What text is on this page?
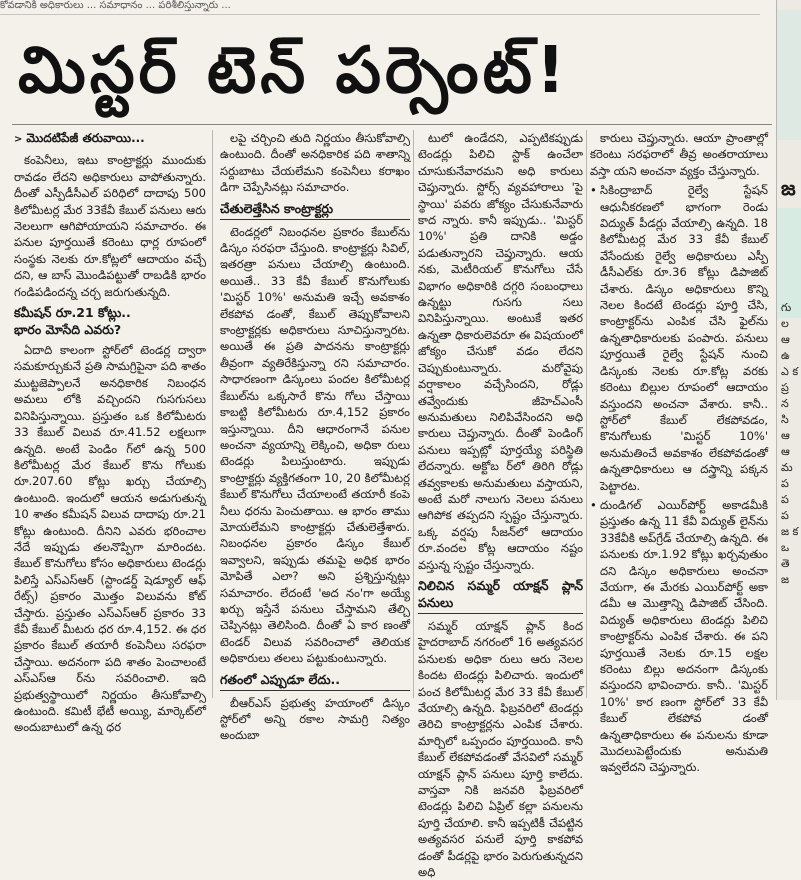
కోవడానికి అధికారులు ... సమాధానం ... పరిశీలిస్తున్నారు ...
మిస్టర్ టెన్ పర్సెంట్!
> మొదటిపేజీ తరువాయి...

కంపెనీలు, ఇటు కాంట్రాక్టర్లు ముందుకు రావడం లేదని అధికారులు వాపోతున్నారు. దీంతో ఎస్పీడీసీఎల్ పరిధిలో దాదాపు 500 కిలోమీటర్ల మేర 33కేవీ కేబుల్ పనులు ఆరు నెలలుగా ఆగిపోయాయని సమాచారం. ఈ పనుల పూర్తయితే కరెంటు ధార్ల రూపంలో సంస్థకు నెలకు రూ.కోట్లలో ఆదాయం వచ్చే దని, ఆ బాస్ మొండిపట్టుతో రాబడికి భారం గండిపడిందన్న చర్చ జరుగుతున్నది.

కమీషన్ రూ.21 కోట్లు..
భారం మోసేది ఎవరు?

ఏదాది కాలంగా స్టోర్‌లో టెండర్ల ద్వారా సమకూర్చుకునే ప్రతి సామగ్రిపైనా పది శాతం ముట్టజెప్పాలనే అనధికారిక నిబంధన అమలు లోకి వచ్చిందని గుసగుసలు వినిపిస్తున్నాయి. ప్రస్తుతం ఒక కిలోమీటరు 33 కేబుల్ విలువ రూ.41.52 లక్షలుగా ఉన్నది. అంటే పెండిం గ్‌లో ఉన్న 500 కిలోమీటర్ల మేర కేబుల్ కొను గోలుకు రూ.207.60 కోట్లు ఖర్చు చేయాల్సి ఉంటుంది. ఇందులో ఆయన అడుగుతున్న 10 శాతం కమీషన్ విలువ దాదాపు రూ.21 కోట్లు ఉంటుంది. దీనిని ఎవరు భరించాల నేదే ఇప్పుడు తలనొప్పిగా మారిందట. కేబుల్ కొనుగోలు కోసం అధికారులు టెండర్లు పిలిస్తే ఎస్ఎస్ఆర్ (స్టాండర్డ్ షెడ్యూల్ ఆఫ్ రేట్స్) ప్రకారం మొత్తం విలువను కోట్ చేస్తారు. ప్రస్తుతం ఎస్ఎస్ఆర్ ప్రకారం 33 కేవీ కేబుల్ మీటరు ధర రూ.4,152. ఈ ధర ప్రకారం కేబుల్ తయారీ కంపెనీలు సరఫరా చేస్తాయి. అదనంగా పది శాతం పెంచాలంటే ఎస్ఎస్ఆ ర్‌ను సవరించాలి. ఇది ప్రభుత్వస్థాయిలో నిర్ణయం తీసుకోవాల్సి ఉంటుంది. కమిటీ భేటీ అయ్యి, మార్కెట్‌లో అందుబాటులో ఉన్న ధర

లపై చర్చించి తుది నిర్ణయం తీసుకోవాల్సి ఉంటుంది. దీంతో అనధికారిక పది శాతాన్ని సర్దుబాటు చేయలేమని కంపెనీలు కరాఖం డిగా చెప్పేసినట్లు సమాచారం.

చేతులెత్తేసిన కాంట్రాక్టర్లు

టెండర్లలో నిబంధనల ప్రకారం కేబుల్‌ను డిస్కం సరఫరా చేస్తుంది. కాంట్రాక్టర్లు సివిల్, ఇతరత్రా పనులు చేయాల్సి ఉంటుంది. అయితే.. 33 కేవీ కేబుల్ కొనుగోలుకు 'మిస్టర్ 10%' అనుమతి ఇచ్చే అవకాశం లేకపోవ డంతో, కేబుల్ తెప్పుకోవాలని కాంట్రాక్టర్లకు అధికారులు సూచిస్తున్నారట. అయితే ఈ ప్రతి పాదనను కాంట్రాక్టర్లు తీవ్రంగా వ్యతిరేకిస్తున్నా రని సమాచారం. సాధారణంగా డిస్కంలు పందల కిలోమీటర్ల కేబుల్‌ను ఒక్కసారే కొను గోలు చేస్తాయి కాబట్టి కిలోమీటరు రూ.4,152 ప్రకారం ఇస్తున్నాయి. దీని ఆధారంగానే పనుల అంచనా వ్యయాన్ని లెక్కించి, అధికా రులు టెండర్లు పిలుస్తుంటారు. ఇప్పుడు కాంట్రాక్టర్లు వ్యక్తిగతంగా 10, 20 కిలోమీటర్ల కేబుల్ కొనుగోలు చేయాలంటే తయారీ కంపె నీలు ధరను పెంచుతాయి. ఆ భారం తాము మోయలేమని కాంట్రాక్టర్లు చేతులెత్తేశారు. నిబంధనల ప్రకారం డిస్కం కేబుల్ ఇవ్వాలని, ఇప్పుడు తమపై అధిక భారం మోపితే ఎలా? అని ప్రశ్నిస్తున్నట్లు సమాచారం. లేదంటే 'అద నం'గా అయ్యే ఖర్చు ఇస్తేనే పనులు చేస్తామని తేల్చి చెప్పినట్లు తెలిసింది. దీంతో ఏ కార ణంతో టెండర్ విలువ సవరించాలో తెలియక అధికారులు తలలు పట్టుకుంటున్నారు.

గతంలో ఎప్పుడూ లేదు..

బీఆర్ఎస్ ప్రభుత్వ హయాంలో డిస్కం స్టోర్‌లో అన్ని రకాల సామగ్రి నిత్యం అందుబా

టులో ఉండేదని, ఎప్పటికప్పుడు టెండర్లు పిలిచి స్టాక్ ఉంచేలా చూసుకునేవారమని అధి కారులు చెప్తున్నారు. స్టోర్స్ వ్యవహారాలు 'పై స్థాయి' పవరు జోక్యం చేసుకునేవారు కాద న్నారు. కానీ ఇప్పుడు.. 'మిస్టర్ 10%' ప్రతి దానికి అడ్డం పడుతున్నారని చెప్తున్నారు. ఆయ నకు, మెటీరియల్ కొనుగోలు చేసే విభాగం అధికారికి దగ్గరి సంబంధాలు ఉన్నట్టు గుసగు సలు వినిపిస్తున్నాయి. అంటుకే ఇతర ఉన్నతా ధికారులెవరూ ఈ విషయంలో జోక్యం చేసుకో వడం లేదని చెప్పుకుంటున్నారు. మరోవైపు వర్షాకాలం వచ్చేసిందని, రోడ్లు తవ్వేందుకు జీహెచ్ఎంసీ అనుమతులు నిలిపివేసిందని అధి కారులు చెప్తున్నారు. దీంతో పెండింగ్ పనులు ఇప్పట్లో పూర్తయ్యే పరిస్థితి లేదన్నారు. అక్టోబ ర్‌లో తిరిగి రోడ్లు తవ్వకాలకు అనుమతులు వస్తాయని, అంటే మరో నాలుగు నెలలు పనులు ఆగిపోక తప్పదని స్పష్టం చేస్తున్నారు. ఒక్క వర్షపు సీజన్‌లో ఆదాయం రూ.వందల కోట్ల ఆదాయం నష్టం వస్తున్న స్పష్టం చేస్తున్నారు.

నిలిచిన సమ్మర్ యాక్షన్ ప్లాన్ పనులు

సమ్మర్ యాక్షన్ ప్లాన్ కింద హైదరాబాద్ నగరంలో 16 అత్యవసర పనులకు అధికా రులు ఆరు నెలల కిందట టెండర్లు పిలిచారు. ఇందులో పంచ కిలోమీటర్ల మేర 33 కేవీ కేబుల్ వేయాల్సి ఉన్నది. ఫిబ్రవరిలో టెండర్లు తెరిచి కాంట్రాక్టర్లను ఎంపిక చేశారు. మార్చిలో ఒప్పందం పూర్తయింది. కానీ కేబుల్ లేకపోవడంతో వేసవిలో సమ్మర్ యాక్షన్ ప్లాన్ పనులు పూర్తి కాలేదు. వాస్తవా నికి జనవరి ఫిబ్రవరిలో టెండర్లు పిలిచి ఏప్రిల్ కల్లా పనులను పూర్తి చేయాలి. కానీ ఇప్పటికీ చేపట్టిన అత్యవసర పనులే పూర్తి కాకపోవ డంతో పీడర్లపై భారం పెరుగుతున్నదని అధి

కారులు చెప్తున్నారు. ఆయా ప్రాంతాల్లో కరెంటు సరఫరాలో తీవ్ర అంతరాయాలు వస్తా యని అంచనా వ్యక్తం చేస్తున్నారు.

• సికింద్రాబాద్ రైల్వే స్టేషన్ ఆధునీకరణలో భాగంగా రెండు విద్యుత్ పీడర్లు వేయాల్సి ఉన్నది. 18 కిలోమీటర్ల మేర 33 కేవీ కేబుల్ వేసేందుకు రైల్వే అధికారులు ఎస్పీ డీసీఎల్‌కు రూ.36 కోట్లు డిపాజిట్ చేశారు. డిస్కం అధికారులు కొన్ని నెలల కిందటే టెండర్లు పూర్తి చేసి, కాంట్రాక్టర్‌ను ఎంపిక చేసి ఫైల్‌ను ఉన్నతాధికారులకు పంపారు. పనులు పూర్తయితే రైల్వే స్టేషన్ నుంచి డిస్కంకు నెలకు రూ.కోట్ల వరకు కరెంటు బిల్లుల రూపంలో ఆదాయం వస్తుందని అంచనా వేశారు. కానీ.. స్టోర్‌లో కేబుల్ లేకపోవడం, కొనుగోలుకు 'మిస్టర్ 10%' అనుమతించే అవకాశం లేకపోవడంతో ఉన్నతాధికారులు ఆ దస్త్రాన్ని పక్కన పెట్టారట.

• దుండిగల్ ఎయిర్‌పోర్ట్ అకాడమీకి ప్రస్తుతం ఉన్న 11 కేవీ విద్యుత్ లైన్‌ను 33కేవీకి అప్‌గ్రేడ్ చేయాల్సి ఉన్నది. ఈ పనులకు రూ.1.92 కోట్లు ఖర్చవుతుం దని డిస్కం అధికారులు అంచనా వేయగా, ఈ మేరకు ఎయిర్‌పోర్ట్ అకా డమీ ఆ మొత్తాన్ని డిపాజిట్ చేసింది. విద్యుత్ అధికారులు టెండర్లు పిలిచి కాంట్రాక్టర్‌ను ఎంపిక చేశారు. ఈ పని పూర్తయితే నెలకు రూ.15 లక్షల కరెంటు బిల్లు అదనంగా డిస్కంకు వస్తుందని భావించారు. కానీ.. 'మిస్టర్ 10%' కార ణంగా స్టోర్‌లో 33 కేవీ కేబుల్ లేకపోవ డంతో ఉన్నతాధికారులు ఈ పనులను కూడా మొదలుపెట్టేందుకు అనుమతి ఇవ్వలేదని చెప్తున్నారు.

జ
గు ల ఆ ఉ ఎ క ప్ర న సి ఆ ఆ మ ప ప ప జ క ఒ తె జ
